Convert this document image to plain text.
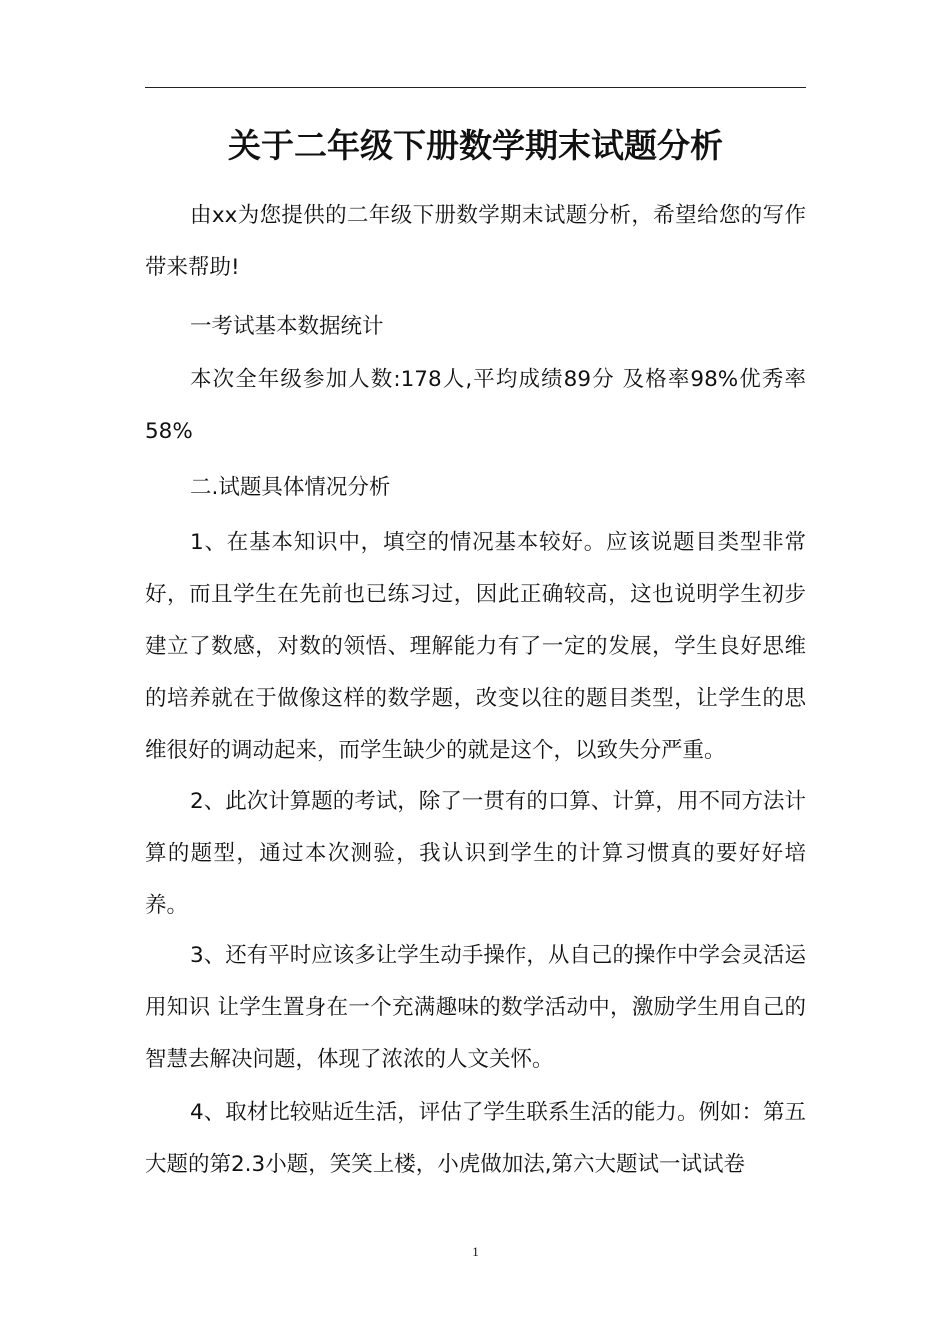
关于二年级下册数学期末试题分析

由xx为您提供的二年级下册数学期末试题分析，希望给您的写作带来帮助!

一考试基本数据统计

本次全年级参加人数:178人,平均成绩89分 及格率98%优秀率58%

二.试题具体情况分析

1、在基本知识中，填空的情况基本较好。应该说题目类型非常好，而且学生在先前也已练习过，因此正确较高，这也说明学生初步建立了数感，对数的领悟、理解能力有了一定的发展，学生良好思维的培养就在于做像这样的数学题，改变以往的题目类型，让学生的思维很好的调动起来，而学生缺少的就是这个，以致失分严重。

2、此次计算题的考试，除了一贯有的口算、计算，用不同方法计算的题型，通过本次测验，我认识到学生的计算习惯真的要好好培养。

3、还有平时应该多让学生动手操作，从自己的操作中学会灵活运用知识 让学生置身在一个充满趣味的数学活动中，激励学生用自己的智慧去解决问题，体现了浓浓的人文关怀。

4、取材比较贴近生活，评估了学生联系生活的能力。例如：第五大题的第2.3小题，笑笑上楼，小虎做加法,第六大题试一试试卷

1
